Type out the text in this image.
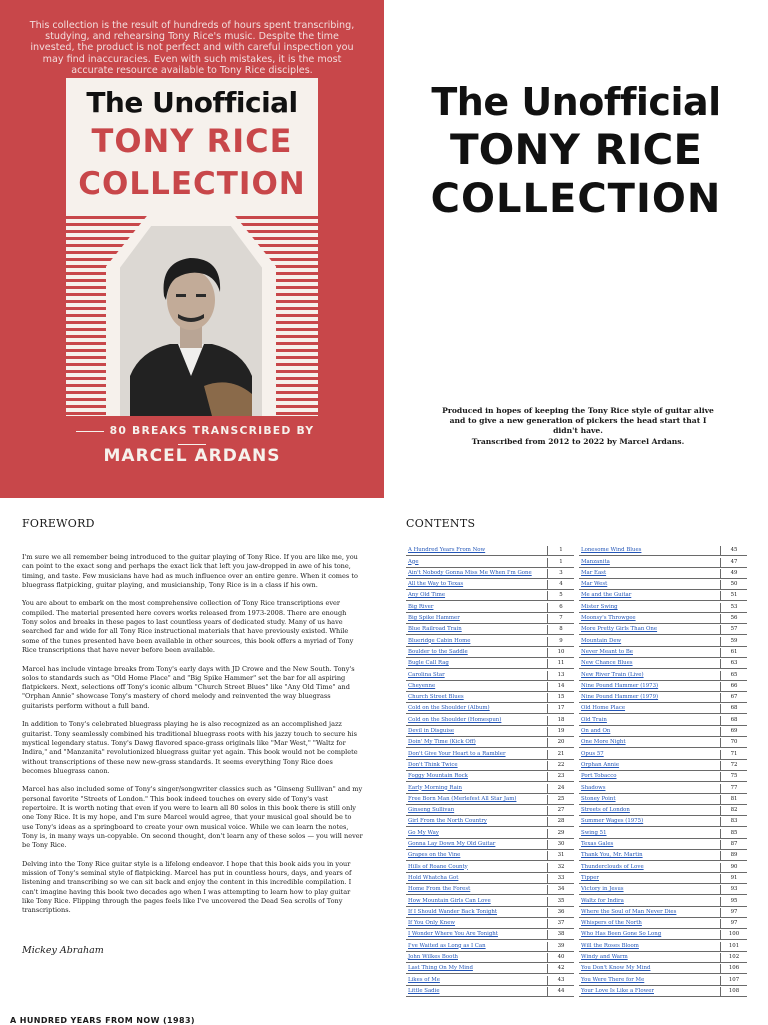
This collection is the result of hundreds of hours spent transcribing, studying, and rehearsing Tony Rice's music. Despite the time invested, the product is not perfect and with careful inspection you may find inaccuracies. Even with such mistakes, it is the most accurate resource available to Tony Rice disciples.
The Unofficial
TONY RICE
COLLECTION
80 BREAKS TRANSCRIBED BY
MARCEL ARDANS
The Unofficial
TONY RICE
COLLECTION
Produced in hopes of keeping the Tony Rice style of guitar alive and to give a new generation of pickers the head start that I didn't have.
Transcribed from 2012 to 2022 by Marcel Ardans.
FOREWORD

I'm sure we all remember being introduced to the guitar playing of Tony Rice. If you are like me, you can point to the exact song and perhaps the exact lick that left you jaw-dropped in awe of his tone, timing, and taste. Few musicians have had as much influence over an entire genre. When it comes to bluegrass flatpicking, guitar playing, and musicianship, Tony Rice is in a class if his own.

You are about to embark on the most comprehensive collection of Tony Rice transcriptions ever compiled. The material presented here covers works released from 1973-2008. There are enough Tony solos and breaks in these pages to last countless years of dedicated study. Many of us have searched far and wide for all Tony Rice instructional materials that have previously existed. While some of the tunes presented have been available in other sources, this book offers a myriad of Tony Rice transcriptions that have never before been available.

Marcel has include vintage breaks from Tony's early days with JD Crowe and the New South. Tony's solos to standards such as "Old Home Place" and "Big Spike Hammer" set the bar for all aspiring flatpickers. Next, selections off Tony's iconic album "Church Street Blues" like "Any Old Time" and "Orphan Annie" showcase Tony's mastery of chord melody and reinvented the way bluegrass guitarists perform without a full band.

In addition to Tony's celebrated bluegrass playing he is also recognized as an accomplished jazz guitarist. Tony seamlessly combined his traditional bluegrass roots with his jazzy touch to secure his mystical legendary status. Tony's Dawg flavored space-grass originals like "Mar West," "Waltz for Indira," and "Manzanita" revolutionized bluegrass guitar yet again. This book would not be complete without transcriptions of these new new-grass standards. It seems everything Tony Rice does becomes bluegrass canon.

Marcel has also included some of Tony's singer/songwriter classics such as "Ginseng Sullivan" and my personal favorite "Streets of London." This book indeed touches on every side of Tony's vast repertoire. It is worth noting that even if you were to learn all 80 solos in this book there is still only one Tony Rice. It is my hope, and I'm sure Marcel would agree, that your musical goal should be to use Tony's ideas as a springboard to create your own musical voice. While we can learn the notes, Tony is, in many ways un-copyable. On second thought, don't learn any of these solos — you will never be Tony Rice.

Delving into the Tony Rice guitar style is a lifelong endeavor. I hope that this book aids you in your mission of Tony's seminal style of flatpicking. Marcel has put in countless hours, days, and years of listening and transcribing so we can sit back and enjoy the content in this incredible compilation. I can't imagine having this book two decades ago when I was attempting to learn how to play guitar like Tony Rice. Flipping through the pages feels like I've uncovered the Dead Sea scrolls of Tony transcriptions.

Mickey Abraham
A HUNDRED YEARS FROM NOW (1983)
CONTENTS
A Hundred Years From Now	1
Age	1
Ain't Nobody Gonna Miss Me When I'm Gone	3
All the Way to Texas	4
Any Old Time	5
Big River	6
Big Spike Hammer	7
Blue Railroad Train	8
Blueridge Cabin Home	9
Boulder to the Saddle	10
Bugle Call Rag	11
Carolina Star	13
Cheyenne	14
Church Street Blues	15
Cold on the Shoulder (Album)	17
Cold on the Shoulder (Homespun)	18
Devil in Disguise	19
Doin' My Time (Kick Off)	20
Don't Give Your Heart to a Rambler	21
Don't Think Twice	22
Foggy Mountain Rock	23
Early Morning Rain	24
Free Born Man (Merlefest All Star Jam)	25
Ginseng Sullivan	27
Girl From the North Country	28
Go My Way	29
Gonna Lay Down My Old Guitar	30
Grapes on the Vine	31
Hills of Roane County	32
Hold Whatcha Got	33
Home From the Forest	34
How Mountain Girls Can Love	35
If I Should Wander Back Tonight	36
If You Only Knew	37
I Wonder Where You Are Tonight	38
I've Waited as Long as I Can	39
John Wilkes Booth	40
Last Thing On My Mind	42
Likes of Me	43
Little Sadie	44
Lonesome Wind Blues	45
Manzanita	47
Mar East	49
Mar West	50
Me and the Guitar	51
Mister Swing	53
Moonsy's Throwgee	56
More Pretty Girls Than One	57
Mountain Dew	59
Never Meant to Be	61
New Chance Blues	63
New River Train (Live)	65
Nine Pound Hammer (1973)	66
Nine Pound Hammer (1979)	67
Old Home Place	68
Old Train	68
On and On	69
One More Night	70
Opus 57	71
Orphan Annie	72
Port Tobacco	75
Shadows	77
Stoney Point	81
Streets of London	82
Summer Wages (1975)	83
Swing 51	85
Texas Gales	87
Thank You, Mr. Martin	89
Thunderclouds of Love	90
Tipper	91
Victory in Jesus	93
Waltz for Indira	95
Where the Soul of Man Never Dies	97
Whispers of the North	97
Who Has Been Gone So Long	100
Will the Roses Bloom	101
Windy and Warm	102
You Don't Know My Mind	106
You Were There for Me	107
Your Love Is Like a Flower	108
